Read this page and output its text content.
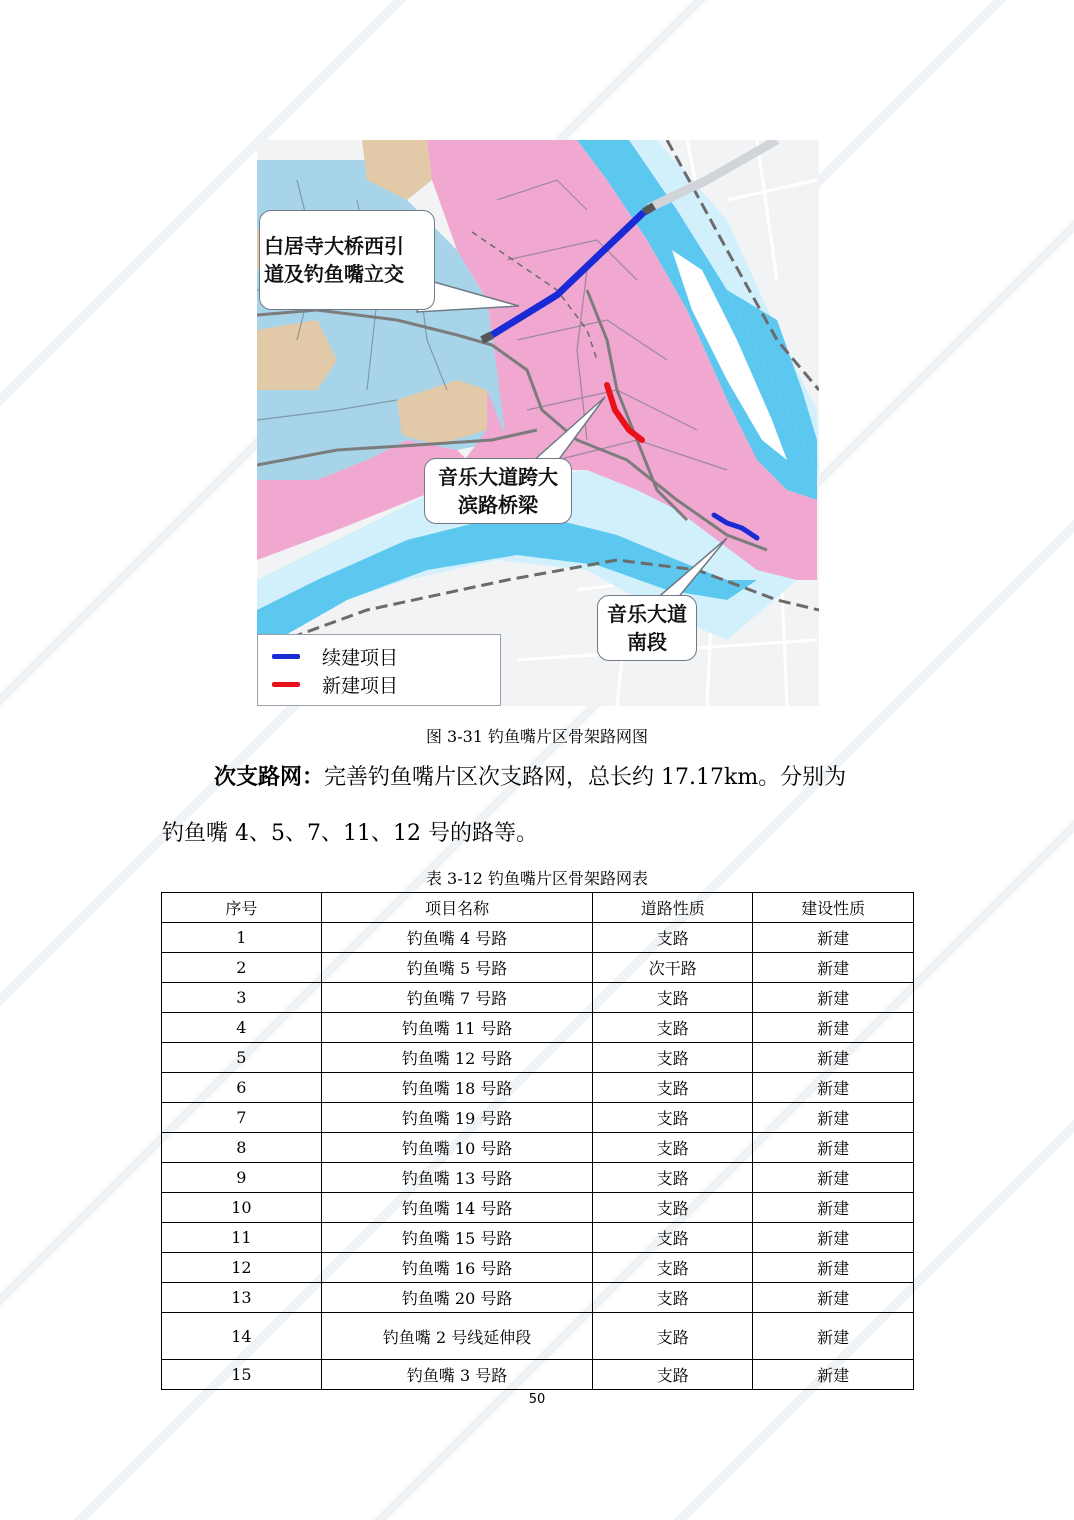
白居寺大桥西引
道及钓鱼嘴立交
音乐大道跨大
滨路桥梁
音乐大道
南段
续建项目
新建项目
图 3-31 钓鱼嘴片区骨架路网图
次支路网：完善钓鱼嘴片区次支路网，总长约 17.17km。分别为
钓鱼嘴 4、5、7、11、12 号的路等。
表 3-12 钓鱼嘴片区骨架路网表
序号	项目名称	道路性质	建设性质
1	钓鱼嘴 4 号路	支路	新建
2	钓鱼嘴 5 号路	次干路	新建
3	钓鱼嘴 7 号路	支路	新建
4	钓鱼嘴 11 号路	支路	新建
5	钓鱼嘴 12 号路	支路	新建
6	钓鱼嘴 18 号路	支路	新建
7	钓鱼嘴 19 号路	支路	新建
8	钓鱼嘴 10 号路	支路	新建
9	钓鱼嘴 13 号路	支路	新建
10	钓鱼嘴 14 号路	支路	新建
11	钓鱼嘴 15 号路	支路	新建
12	钓鱼嘴 16 号路	支路	新建
13	钓鱼嘴 20 号路	支路	新建
14	钓鱼嘴 2 号线延伸段	支路	新建
15	钓鱼嘴 3 号路	支路	新建
50
